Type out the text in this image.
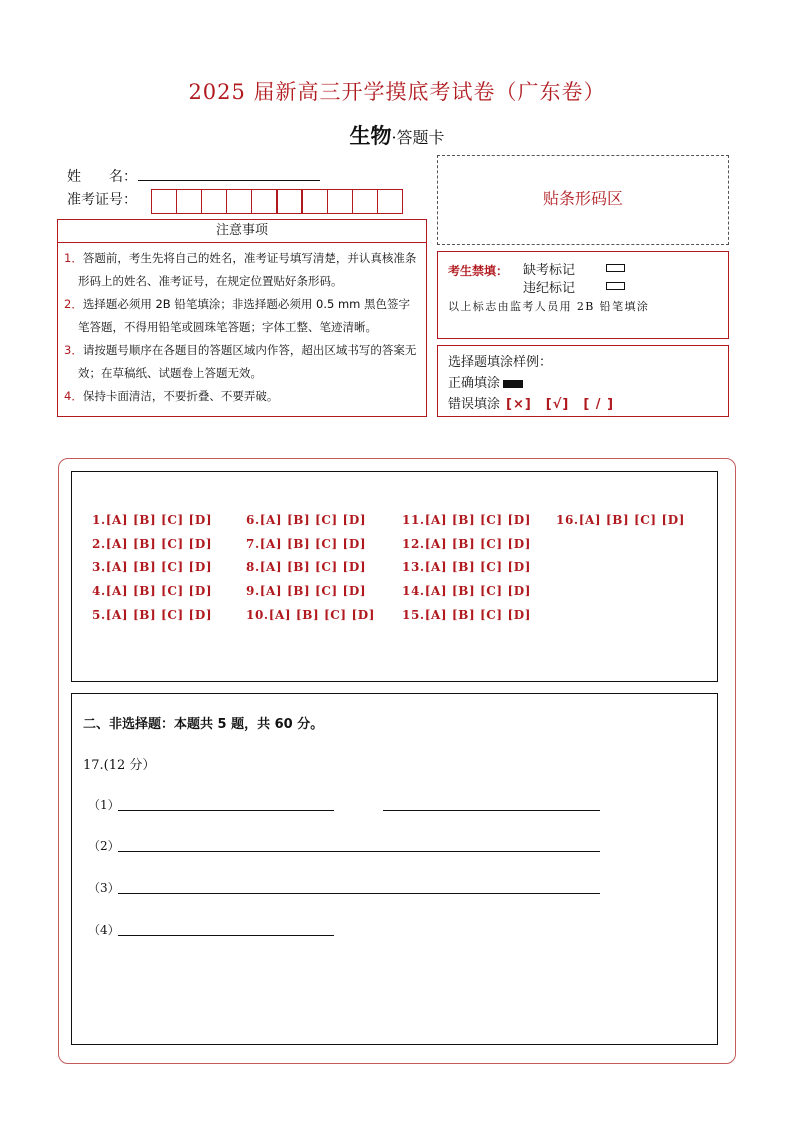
2025 届新高三开学摸底考试卷（广东卷）
生物·答题卡
姓　　名：
准考证号：
注意事项

1．答题前，考生先将自己的姓名，准考证号填写清楚，并认真核准条形码上的姓名、准考证号，在规定位置贴好条形码。

2．选择题必须用 2B 铅笔填涂；非选择题必须用 0.5 mm 黑色签字笔答题，不得用铅笔或圆珠笔答题；字体工整、笔迹清晰。

3．请按题号顺序在各题目的答题区域内作答，超出区域书写的答案无效；在草稿纸、试题卷上答题无效。

4．保持卡面清洁，不要折叠、不要弄破。

贴条形码区
考生禁填： 缺考标记
违纪标记
以上标志由监考人员用 2B 铅笔填涂
选择题填涂样例：
正确填涂
错误填涂 [×]　[√]　[ / ]
1.[A] [B] [C] [D]
2.[A] [B] [C] [D]
3.[A] [B] [C] [D]
4.[A] [B] [C] [D]
5.[A] [B] [C] [D]
6.[A] [B] [C] [D]
7.[A] [B] [C] [D]
8.[A] [B] [C] [D]
9.[A] [B] [C] [D]
10.[A] [B] [C] [D]
11.[A] [B] [C] [D]
12.[A] [B] [C] [D]
13.[A] [B] [C] [D]
14.[A] [B] [C] [D]
15.[A] [B] [C] [D]
16.[A] [B] [C] [D]
二、非选择题：本题共 5 题，共 60 分。
17.(12 分）
（1）
（2）
（3）
（4）
